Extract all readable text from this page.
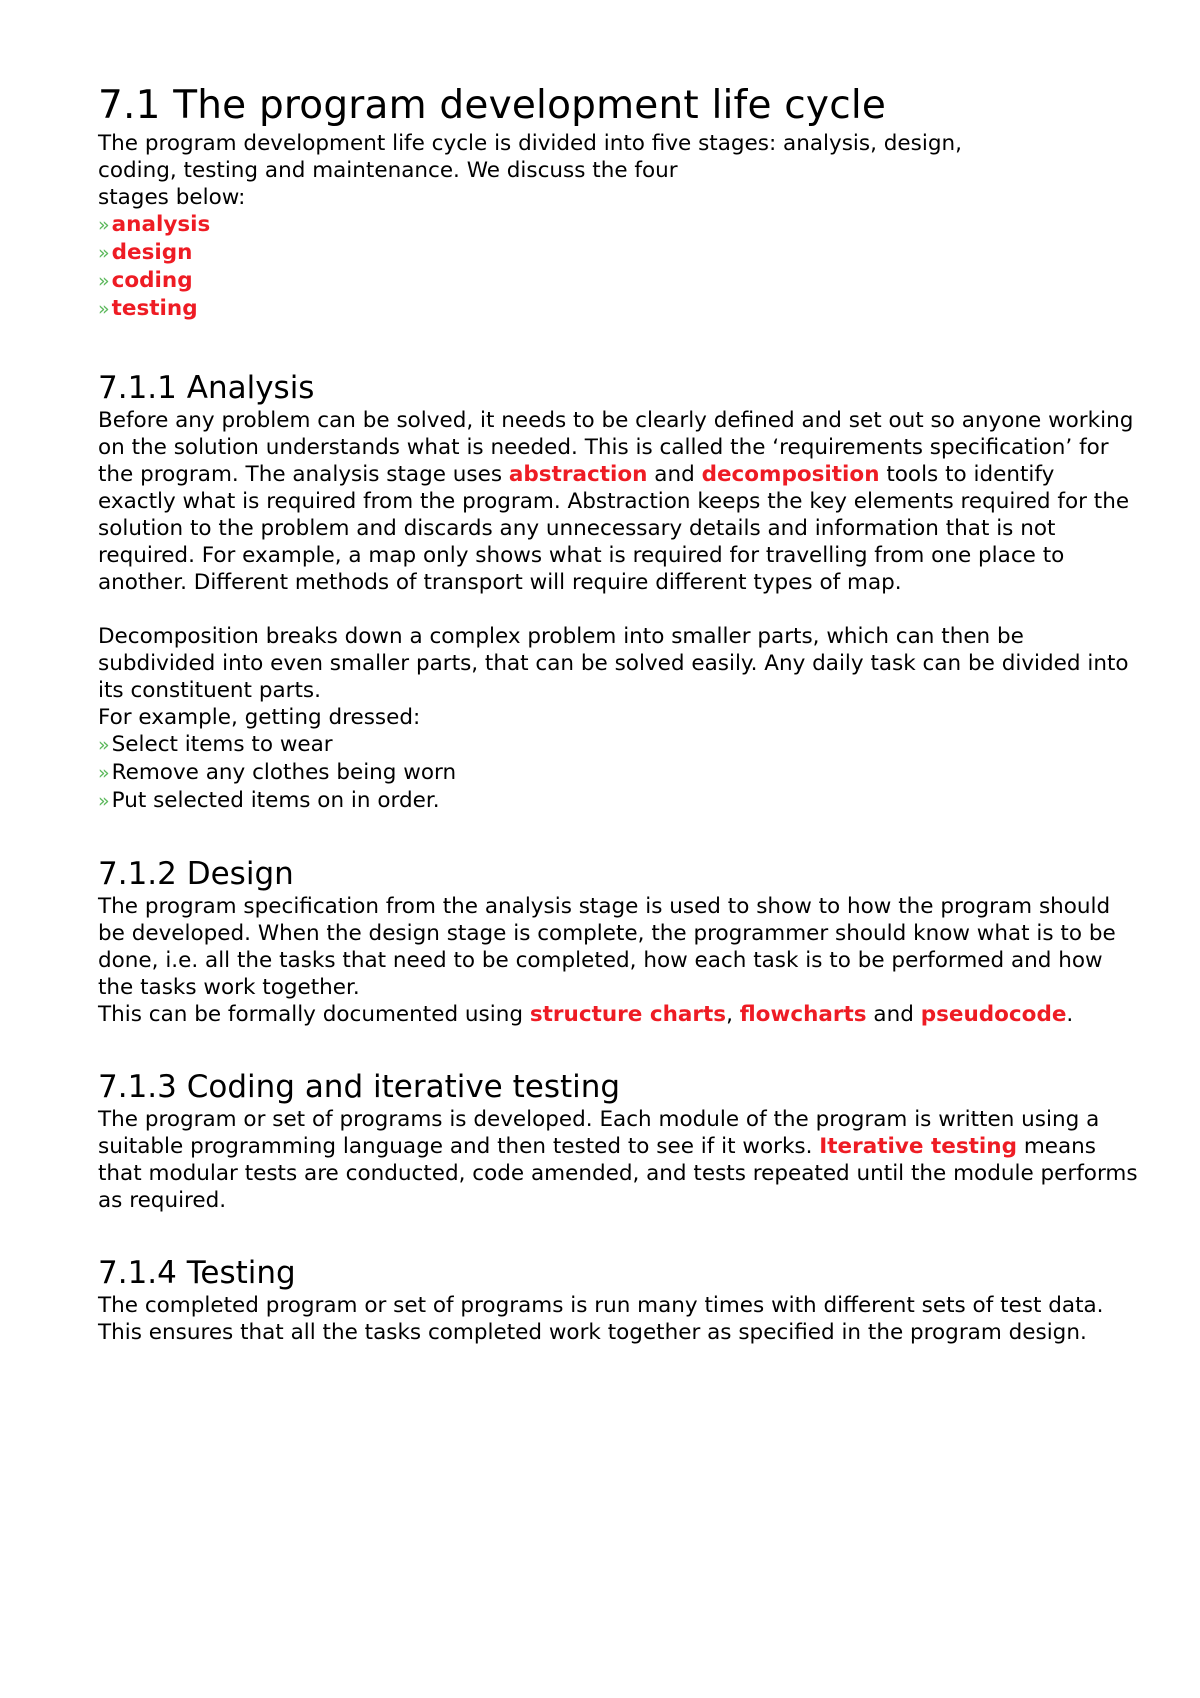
7.1 The program development life cycle
The program development life cycle is divided into five stages: analysis, design,
coding, testing and maintenance. We discuss the four
stages below:
»analysis
»design
»coding
»testing
7.1.1 Analysis

Before any problem can be solved, it needs to be clearly defined and set out so anyone working on the solution understands what is needed. This is called the ‘requirements specification’ for the program. The analysis stage uses abstraction and decomposition tools to identify exactly what is required from the program. Abstraction keeps the key elements required for the solution to the problem and discards any unnecessary details and information that is not required. For example, a map only shows what is required for travelling from one place to another. Different methods of transport will require different types of map.

Decomposition breaks down a complex problem into smaller parts, which can then be subdivided into even smaller parts, that can be solved easily. Any daily task can be divided into its constituent parts.

For example, getting dressed:

»Select items to wear
»Remove any clothes being worn
»Put selected items on in order.
7.1.2 Design

The program specification from the analysis stage is used to show to how the program should be developed. When the design stage is complete, the programmer should know what is to be done, i.e. all the tasks that need to be completed, how each task is to be performed and how the tasks work together.

This can be formally documented using structure charts, flowcharts and pseudocode.

7.1.3 Coding and iterative testing

The program or set of programs is developed. Each module of the program is written using a suitable programming language and then tested to see if it works. Iterative testing means that modular tests are conducted, code amended, and tests repeated until the module performs as required.

7.1.4 Testing

The completed program or set of programs is run many times with different sets of test data. This ensures that all the tasks completed work together as specified in the program design.
